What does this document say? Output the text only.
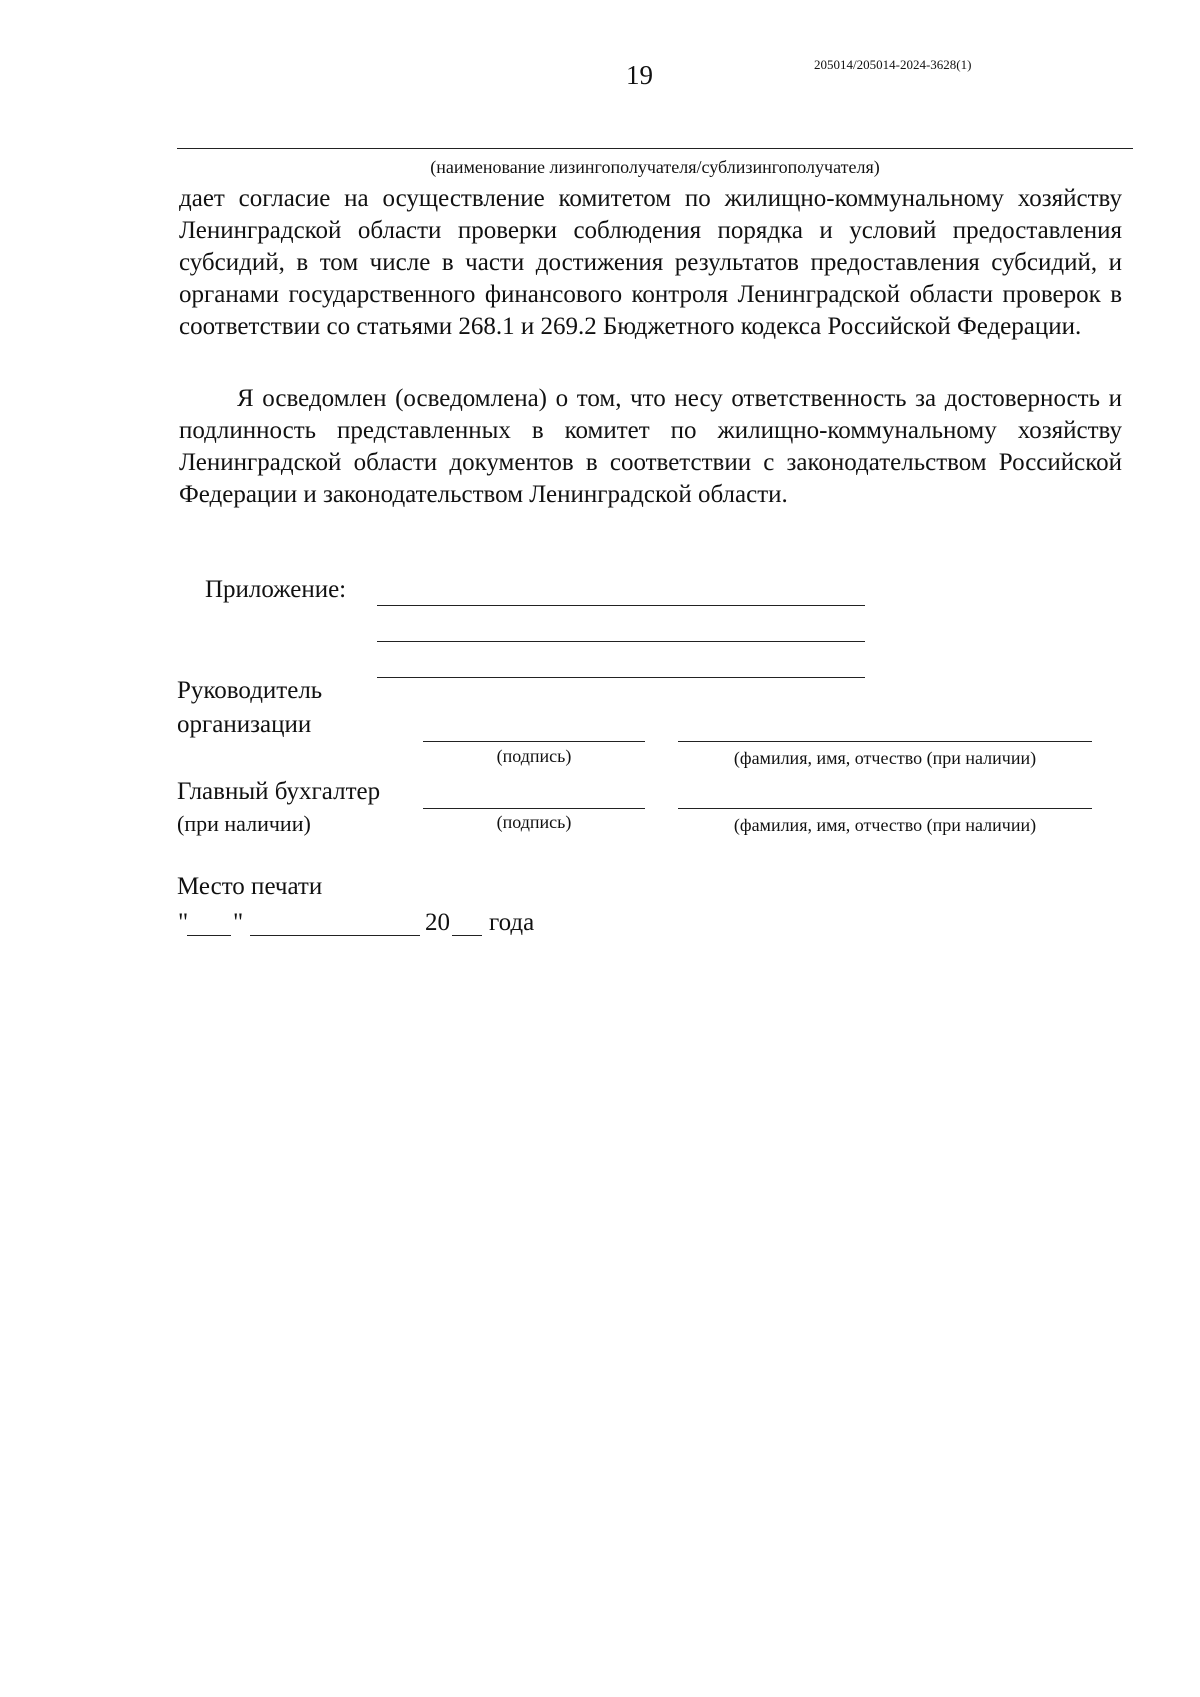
19	205014/205014-2024-3628(1)
(наименование лизингополучателя/сублизингополучателя)
дает согласие на осуществление комитетом по жилищно-коммунальному хозяйству Ленинградской области проверки соблюдения порядка и условий предоставления субсидий, в том числе в части достижения результатов предоставления субсидий, и органами государственного финансового контроля Ленинградской области проверок в соответствии со статьями 268.1 и 269.2 Бюджетного кодекса Российской Федерации.
Я осведомлен (осведомлена) о том, что несу ответственность за достоверность и подлинность представленных в комитет по жилищно-коммунальному хозяйству Ленинградской области документов в соответствии с законодательством Российской Федерации и законодательством Ленинградской области.
Приложение:
Руководитель
организации
(подпись)	(фамилия, имя, отчество (при наличии)
Главный бухгалтер
(при наличии)	(подпись)	(фамилия, имя, отчество (при наличии)
Место печати
" "	20 года
